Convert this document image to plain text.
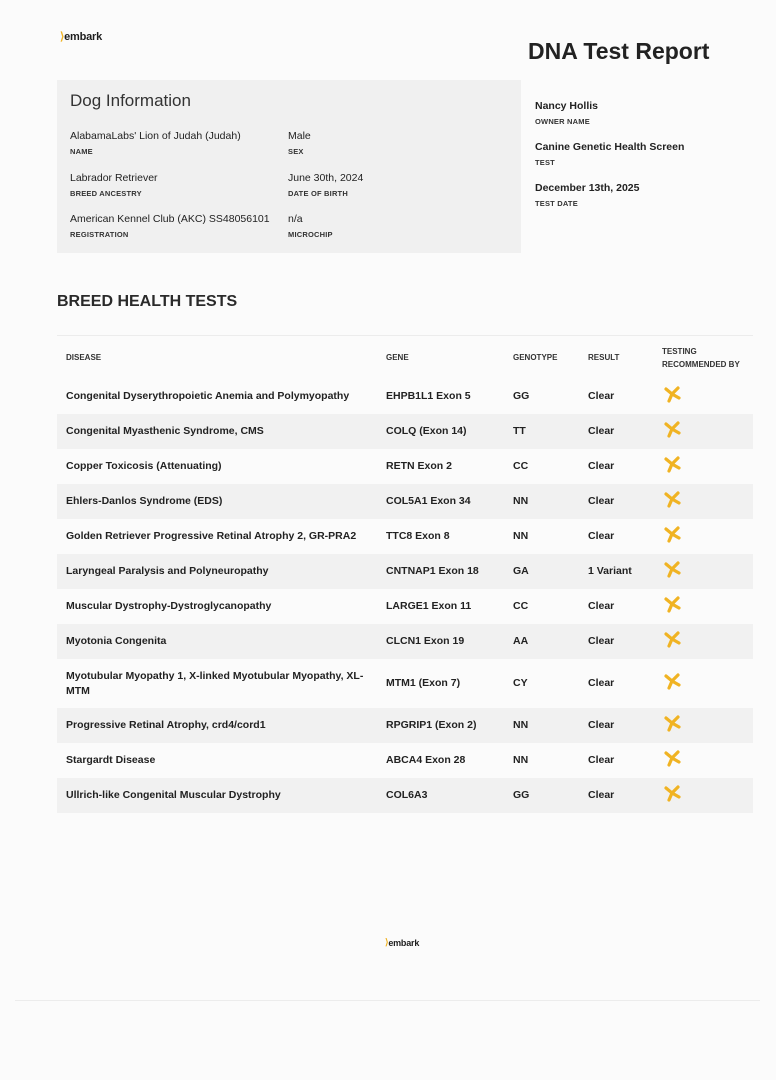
⟩ embark
DNA Test Report
Dog Information
AlabamaLabs' Lion of Judah (Judah)
NAME
Male
SEX
Labrador Retriever
BREED ANCESTRY
June 30th, 2024
DATE OF BIRTH
American Kennel Club (AKC) SS48056101
REGISTRATION
n/a
MICROCHIP
Nancy Hollis
OWNER NAME
Canine Genetic Health Screen
TEST
December 13th, 2025
TEST DATE
BREED HEALTH TESTS
DISEASE	GENE	GENOTYPE	RESULT	TESTING
RECOMMENDED BY
Congenital Dyserythropoietic Anemia and Polymyopathy	EHPB1L1 Exon 5	GG	Clear	

Congenital Myasthenic Syndrome, CMS	COLQ (Exon 14)	TT	Clear	

Copper Toxicosis (Attenuating)	RETN Exon 2	CC	Clear	

Ehlers-Danlos Syndrome (EDS)	COL5A1 Exon 34	NN	Clear	

Golden Retriever Progressive Retinal Atrophy 2, GR-PRA2	TTC8 Exon 8	NN	Clear	

Laryngeal Paralysis and Polyneuropathy	CNTNAP1 Exon 18	GA	1 Variant	

Muscular Dystrophy-Dystroglycanopathy	LARGE1 Exon 11	CC	Clear	

Myotonia Congenita	CLCN1 Exon 19	AA	Clear	

Myotubular Myopathy 1, X-linked Myotubular Myopathy, XL-MTM	MTM1 (Exon 7)	CY	Clear	

Progressive Retinal Atrophy, crd4/cord1	RPGRIP1 (Exon 2)	NN	Clear	

Stargardt Disease	ABCA4 Exon 28	NN	Clear	

Ullrich-like Congenital Muscular Dystrophy	COL6A3	GG	Clear	
⟩ embark
